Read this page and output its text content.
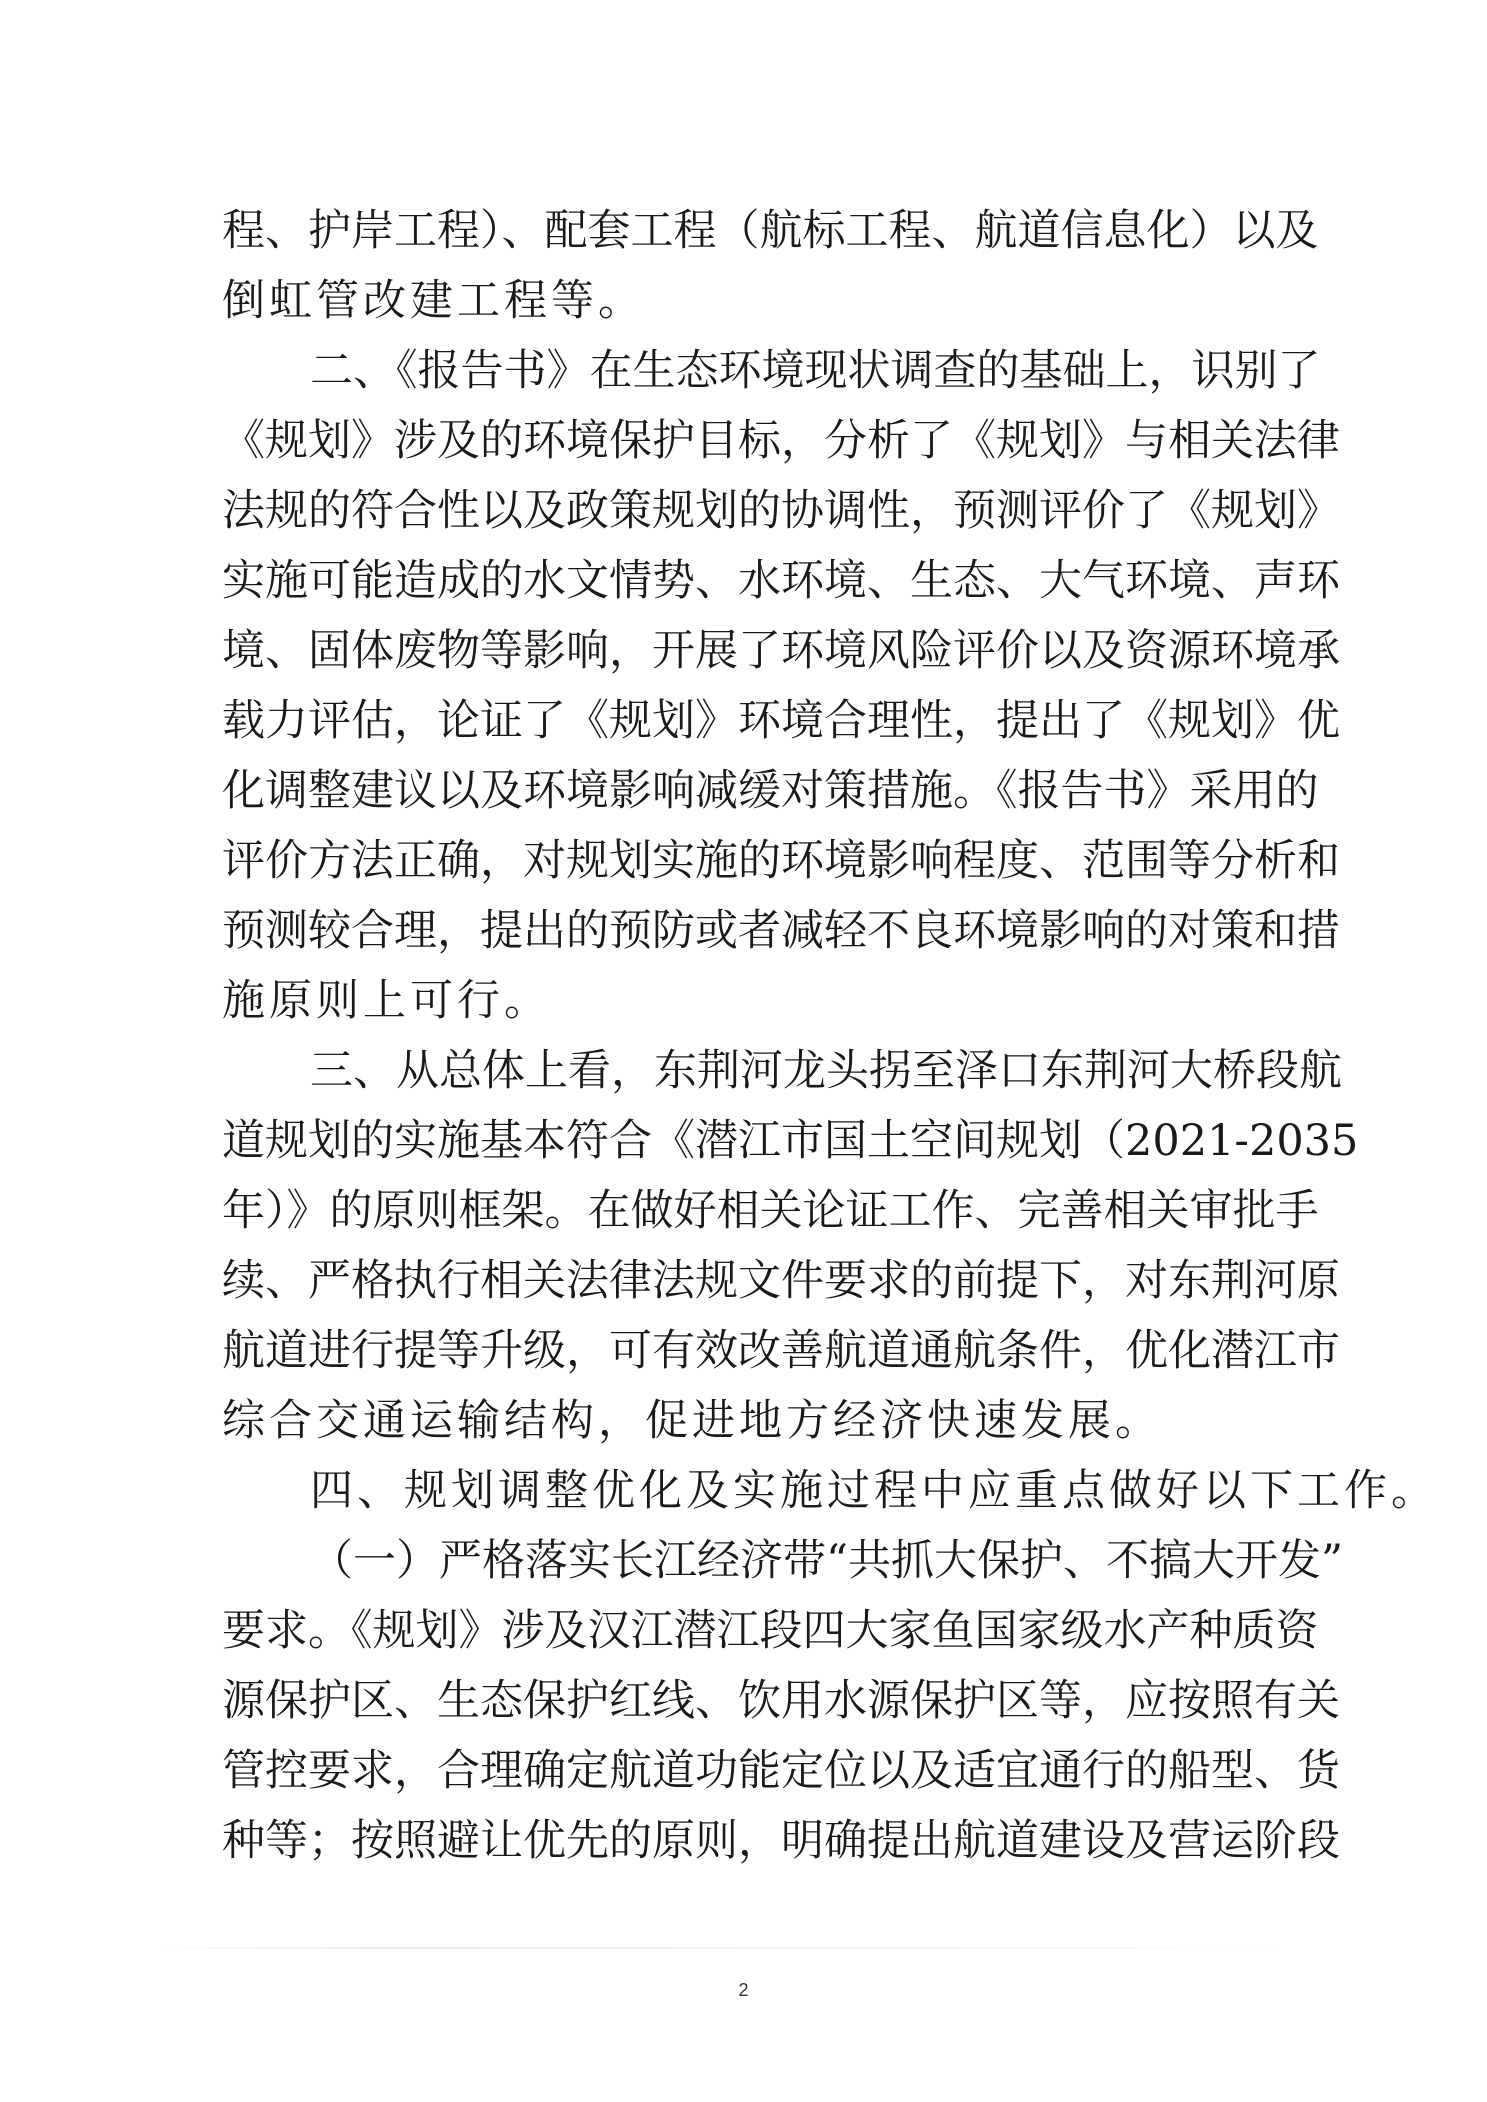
程、护岸工程）、配套工程（航标工程、航道信息化）以及
倒虹管改建工程等。
二、《报告书》在生态环境现状调查的基础上，识别了
《规划》涉及的环境保护目标，分析了《规划》与相关法律
法规的符合性以及政策规划的协调性，预测评价了《规划》
实施可能造成的水文情势、水环境、生态、大气环境、声环
境、固体废物等影响，开展了环境风险评价以及资源环境承
载力评估，论证了《规划》环境合理性，提出了《规划》优
化调整建议以及环境影响减缓对策措施。《报告书》采用的
评价方法正确，对规划实施的环境影响程度、范围等分析和
预测较合理，提出的预防或者减轻不良环境影响的对策和措
施原则上可行。
三、从总体上看，东荆河龙头拐至泽口东荆河大桥段航
道规划的实施基本符合《潜江市国土空间规划（2021-2035
年）》的原则框架。在做好相关论证工作、完善相关审批手
续、严格执行相关法律法规文件要求的前提下，对东荆河原
航道进行提等升级，可有效改善航道通航条件，优化潜江市
综合交通运输结构，促进地方经济快速发展。
四、规划调整优化及实施过程中应重点做好以下工作。
（一）严格落实长江经济带“共抓大保护、不搞大开发”
要求。《规划》涉及汉江潜江段四大家鱼国家级水产种质资
源保护区、生态保护红线、饮用水源保护区等，应按照有关
管控要求，合理确定航道功能定位以及适宜通行的船型、货
种等；按照避让优先的原则，明确提出航道建设及营运阶段
2
